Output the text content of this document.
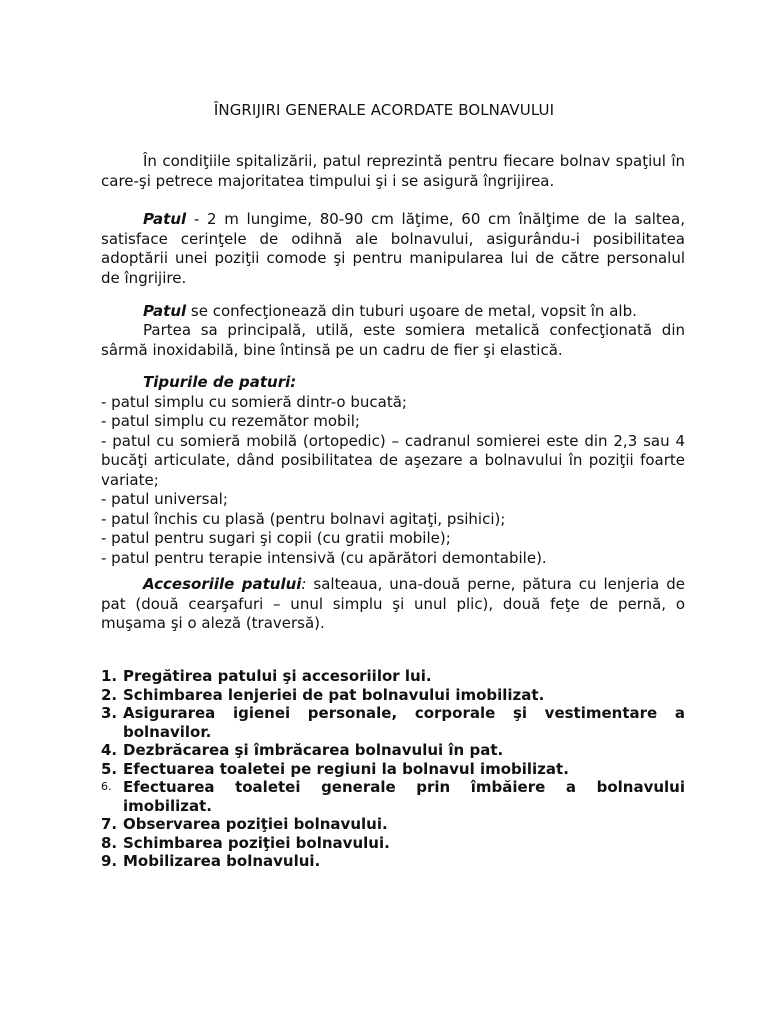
ÎNGRIJIRI GENERALE ACORDATE BOLNAVULUI

În condiţiile spitalizării, patul reprezintă pentru fiecare bolnav spaţiul în care-şi petrece majoritatea timpului şi i se asigură îngrijirea.

Patul - 2 m lungime, 80-90 cm lăţime, 60 cm înălţime de la saltea, satisface cerinţele de odihnă ale bolnavului, asigurându-i posibilitatea adoptării unei poziţii comode şi pentru manipularea lui de către personalul de îngrijire.

Patul se confecţionează din tuburi uşoare de metal, vopsit în alb.

Partea sa principală, utilă, este somiera metalică confecţionată din sârmă inoxidabilă, bine întinsă pe un cadru de fier şi elastică.

Tipurile de paturi:
- patul simplu cu somieră dintr-o bucată;
- patul simplu cu rezemător mobil;
- patul cu somieră mobilă (ortopedic) – cadranul somierei este din 2,3 sau 4 bucăţi articulate, dând posibilitatea de aşezare a bolnavului în poziţii foarte variate;
- patul universal;
- patul închis cu plasă (pentru bolnavi agitaţi, psihici);
- patul pentru sugari şi copii (cu gratii mobile);
- patul pentru terapie intensivă (cu apărători demontabile).

Accesoriile patului: salteaua, una-două perne, pătura cu lenjeria de pat (două cearşafuri – unul simplu şi unul plic), două feţe de pernă, o muşama şi o aleză (traversă).

1. Pregătirea patului şi accesoriilor lui.
2. Schimbarea lenjeriei de pat bolnavului imobilizat.
3. Asigurarea igienei personale, corporale şi vestimentare a bolnavilor.
4. Dezbrăcarea şi îmbrăcarea bolnavului în pat.
5. Efectuarea toaletei pe regiuni la bolnavul imobilizat.
6. Efectuarea toaletei generale prin îmbăiere a bolnavului imobilizat.
7. Observarea poziţiei bolnavului.
8. Schimbarea poziţiei bolnavului.
9. Mobilizarea bolnavului.
